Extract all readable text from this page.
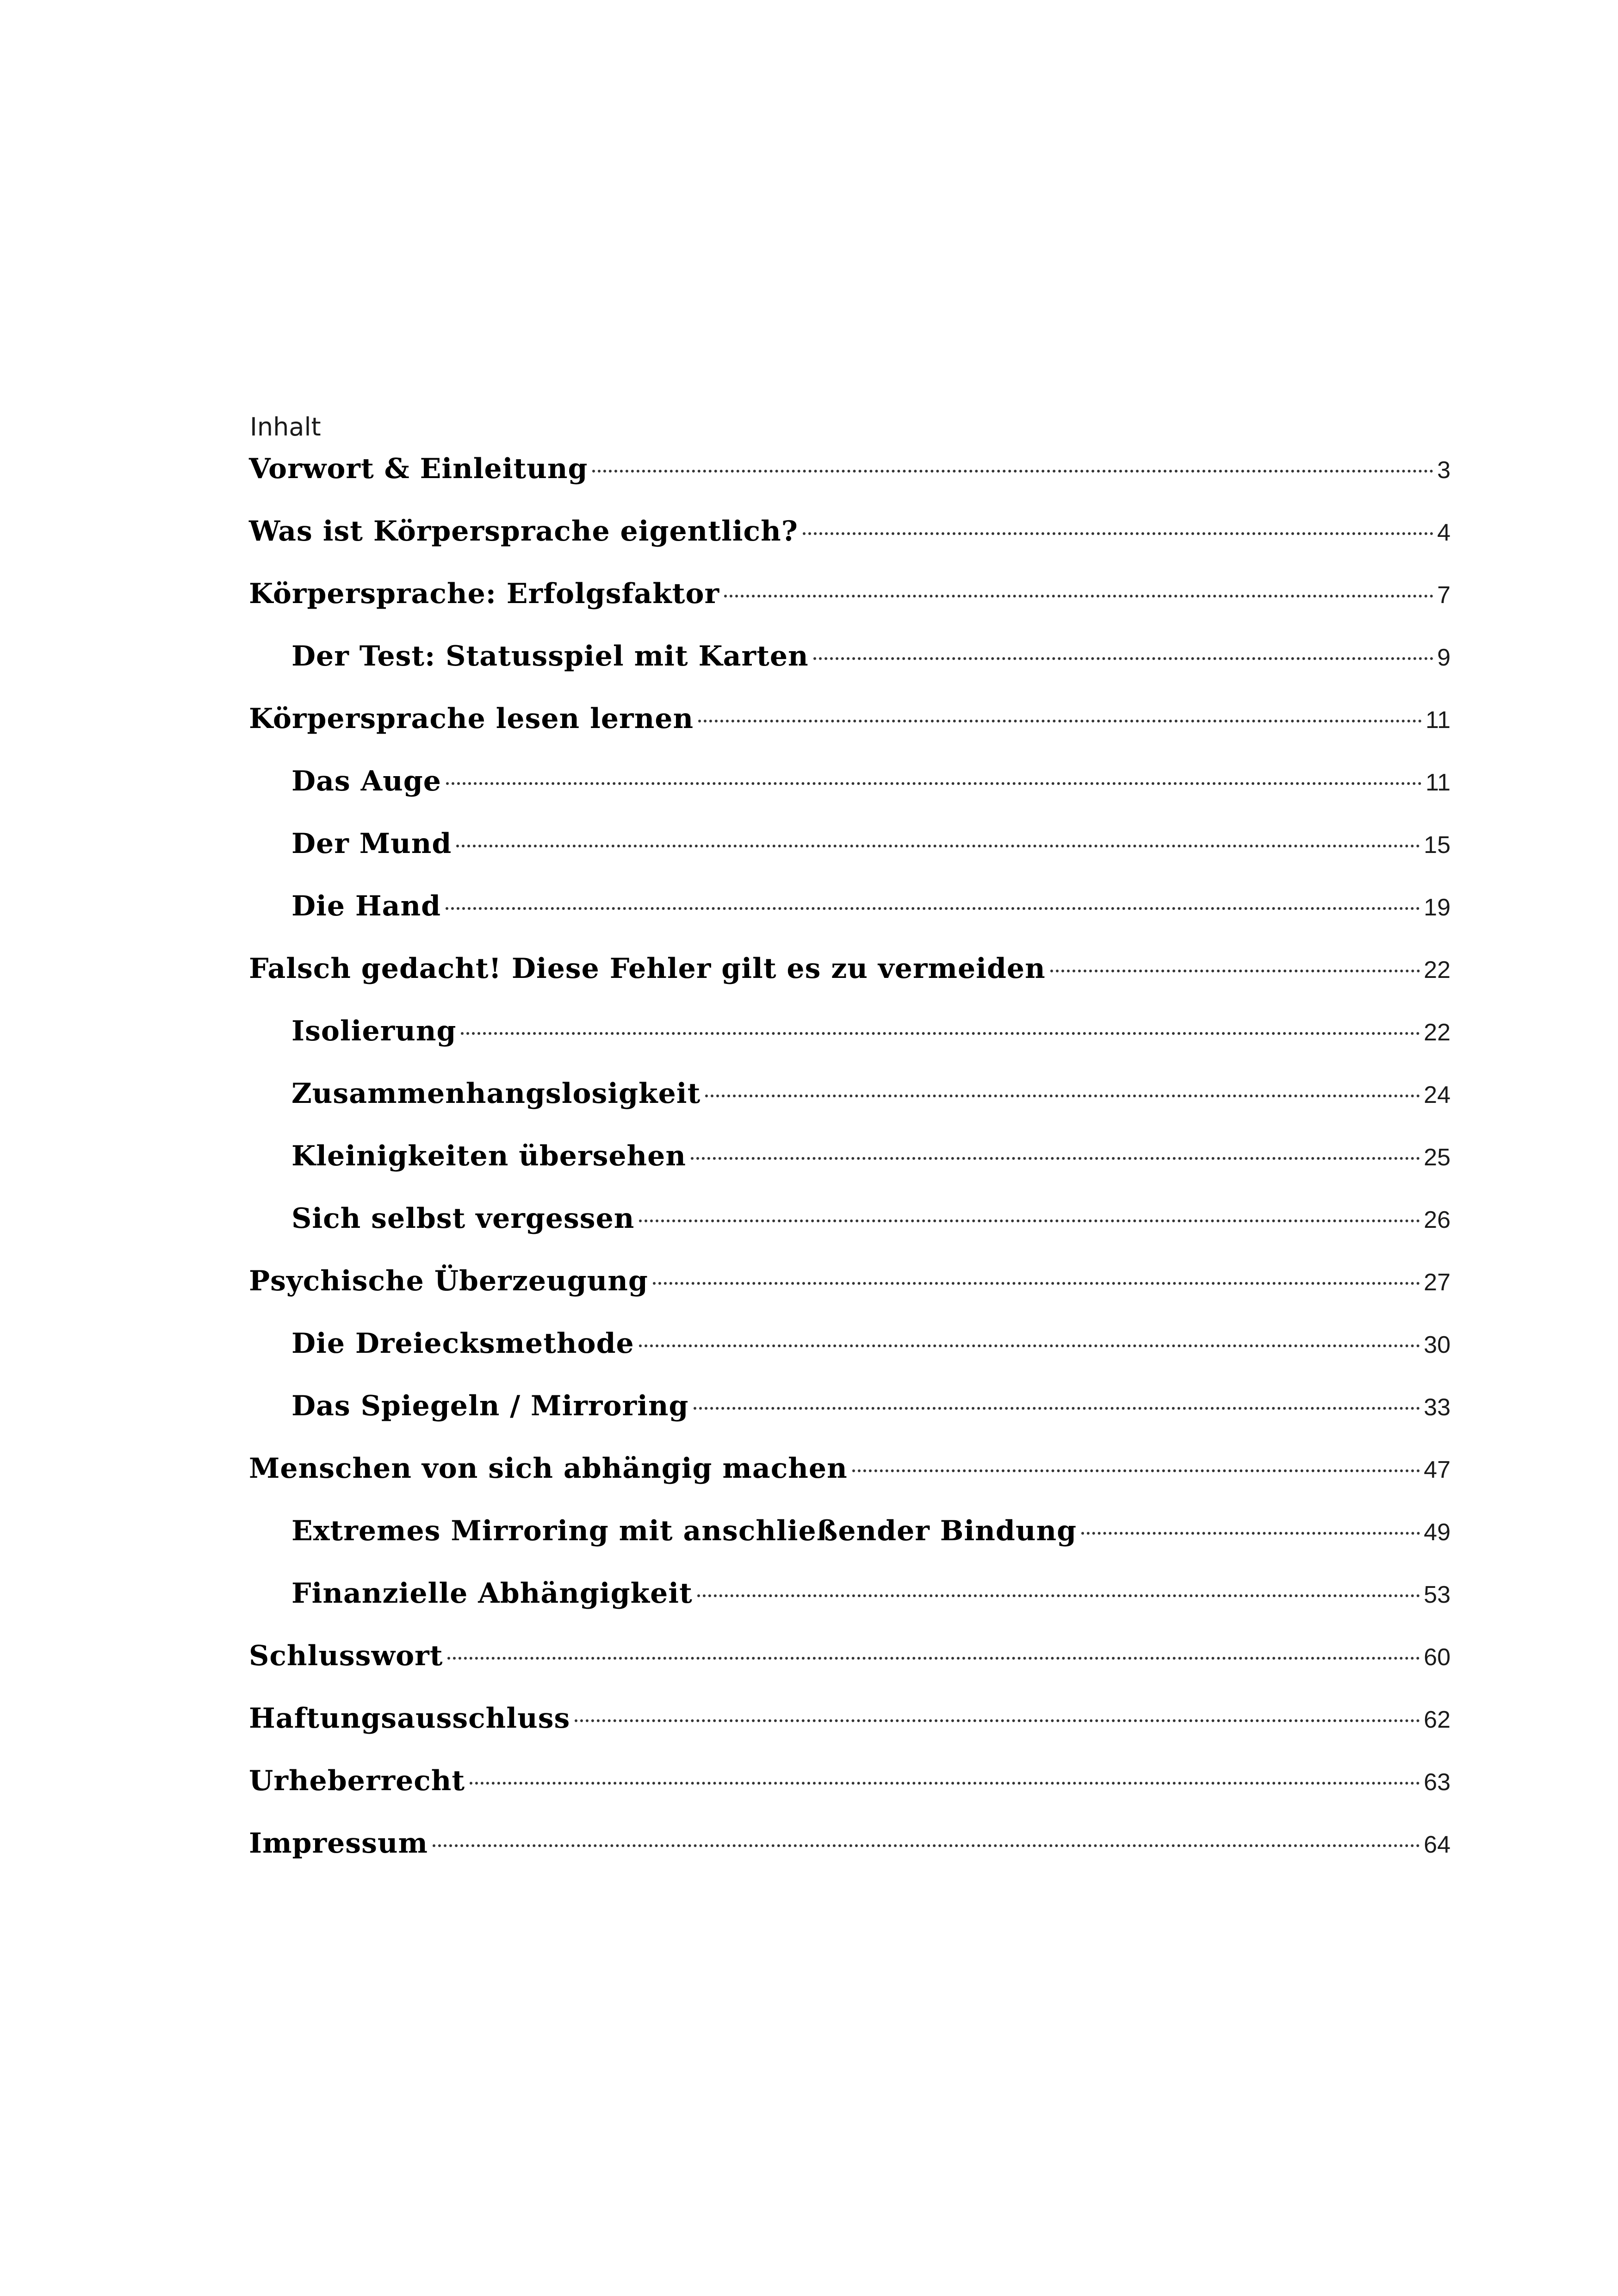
Inhalt
Vorwort & Einleitung	3
Was ist Körpersprache eigentlich?	4
Körpersprache: Erfolgsfaktor	7
Der Test: Statusspiel mit Karten	9
Körpersprache lesen lernen	11
Das Auge	11
Der Mund	15
Die Hand	19
Falsch gedacht! Diese Fehler gilt es zu vermeiden	22
Isolierung	22
Zusammenhangslosigkeit	24
Kleinigkeiten übersehen	25
Sich selbst vergessen	26
Psychische Überzeugung	27
Die Dreiecksmethode	30
Das Spiegeln / Mirroring	33
Menschen von sich abhängig machen	47
Extremes Mirroring mit anschließender Bindung	49
Finanzielle Abhängigkeit	53
Schlusswort	60
Haftungsausschluss	62
Urheberrecht	63
Impressum	64
